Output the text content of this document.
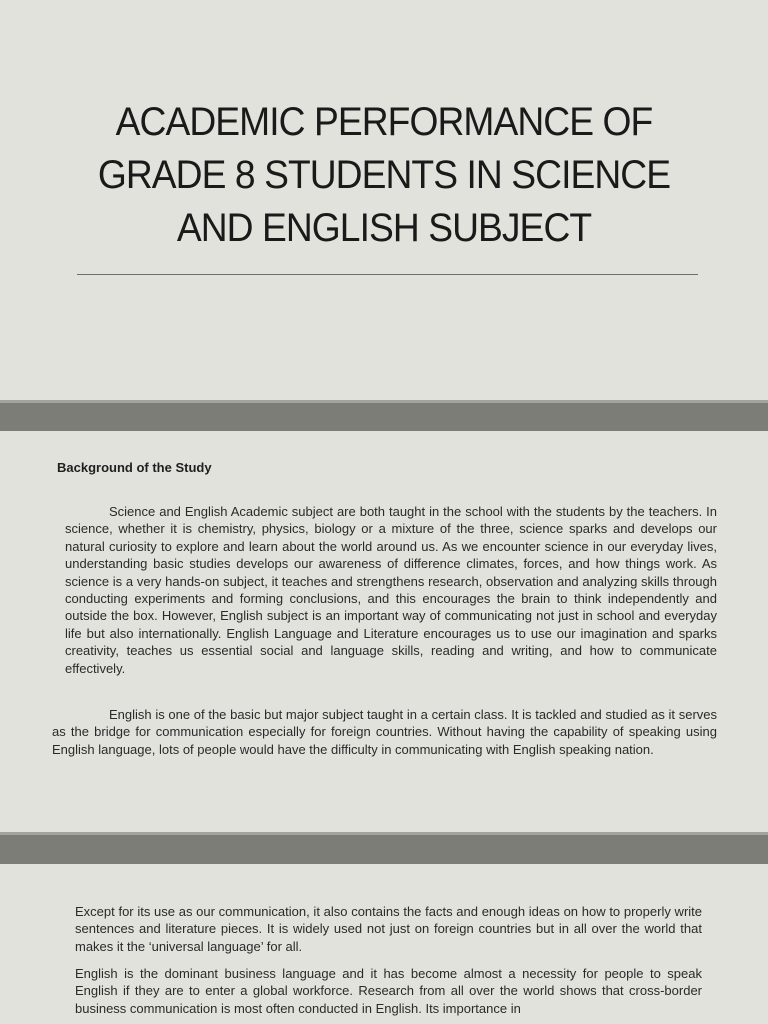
ACADEMIC PERFORMANCE OF GRADE 8 STUDENTS IN SCIENCE AND ENGLISH SUBJECT
Background of the Study

Science and English Academic subject are both taught in the school with the students by the teachers. In science, whether it is chemistry, physics, biology or a mixture of the three, science sparks and develops our natural curiosity to explore and learn about the world around us. As we encounter science in our everyday lives, understanding basic studies develops our awareness of difference climates, forces, and how things work. As science is a very hands-on subject, it teaches and strengthens research, observation and analyzing skills through conducting experiments and forming conclusions, and this encourages the brain to think independently and outside the box. However, English subject is an important way of communicating not just in school and everyday life but also internationally. English Language and Literature encourages us to use our imagination and sparks creativity, teaches us essential social and language skills, reading and writing, and how to communicate effectively.

English is one of the basic but major subject taught in a certain class. It is tackled and studied as it serves as the bridge for communication especially for foreign countries. Without having the capability of speaking using English language, lots of people would have the difficulty in communicating with English speaking nation.

Except for its use as our communication, it also contains the facts and enough ideas on how to properly write sentences and literature pieces. It is widely used not just on foreign countries but in all over the world that makes it the ‘universal language’ for all.

English is the dominant business language and it has become almost a necessity for people to speak English if they are to enter a global workforce. Research from all over the world shows that cross-border business communication is most often conducted in English. Its importance in
